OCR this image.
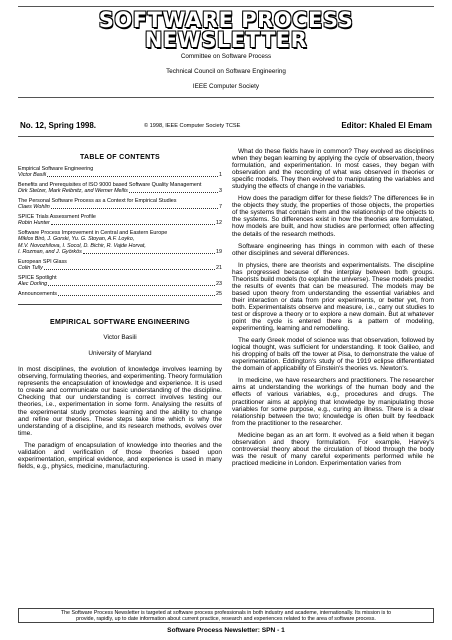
SOFTWARE PROCESS
NEWSLETTER
Committee on Software Process
Technical Council on Software Engineering
IEEE Computer Society
No. 12, Spring 1998.	© 1998, IEEE Computer Society TCSE	Editor: Khaled El Emam
TABLE OF CONTENTS
Empirical Software Engineering
Victor Basili	1
Benefits and Prerequisites of ISO 9000 based Software Quality Management
Dirk Stelzer, Mark Reibnitz, and Werner Mellis	3
The Personal Software Process as a Context for Empirical Studies
Claes Wohlin	7
SPICE Trials Assessment Profile
Robin Hunter	12
Software Process Improvement in Central and Eastern Europe
Miklos Biró, J. Gorski, Yu. G. Stoyan, A.F. Loyko,
M.V. Novozhilova, I. Socol, D. Bichir, R. Vajde Horvat,
I. Rozman, and J. Györkös	19
European SPI Glass
Colin Tully	21
SPICE Spotlight
Alec Dorling	23
Announcements	25
EMPIRICAL SOFTWARE ENGINEERING
Victor Basili
University of Maryland

In most disciplines, the evolution of knowledge involves learning by observing, formulating theories, and experimenting. Theory formulation represents the encapsulation of knowledge and experience. It is used to create and communicate our basic understanding of the discipline. Checking that our understanding is correct involves testing our theories, i.e., experimentation in some form. Analysing the results of the experimental study promotes learning and the ability to change and refine our theories. These steps take time which is why the understanding of a discipline, and its research methods, evolves over time.

The paradigm of encapsulation of knowledge into theories and the validation and verification of those theories based upon experimentation, empirical evidence, and experience is used in many fields, e.g., physics, medicine, manufacturing.

What do these fields have in common? They evolved as disciplines when they began learning by applying the cycle of observation, theory formulation, and experimentation. In most cases, they began with observation and the recording of what was observed in theories or specific models. They then evolved to manipulating the variables and studying the effects of change in the variables.

How does the paradigm differ for these fields? The differences lie in the objects they study, the properties of those objects, the properties of the systems that contain them and the relationship of the objects to the systems. So differences exist in how the theories are formulated, how models are built, and how studies are performed; often affecting the details of the research methods.

Software engineering has things in common with each of these other disciplines and several differences.

In physics, there are theorists and experimentalists. The discipline has progressed because of the interplay between both groups. Theorists build models (to explain the universe). These models predict the results of events that can be measured. The models may be based upon theory from understanding the essential variables and their interaction or data from prior experiments, or better yet, from both. Experimentalists observe and measure, i.e., carry out studies to test or disprove a theory or to explore a new domain. But at whatever point the cycle is entered there is a pattern of modeling, experimenting, learning and remodelling.

The early Greek model of science was that observation, followed by logical thought, was sufficient for understanding. It took Galileo, and his dropping of balls off the tower at Pisa, to demonstrate the value of experimentation. Eddington's study of the 1919 eclipse differentiated the domain of applicability of Einstein's theories vs. Newton's.

In medicine, we have researchers and practitioners. The researcher aims at understanding the workings of the human body and the effects of various variables, e.g., procedures and drugs. The practitioner aims at applying that knowledge by manipulating those variables for some purpose, e.g., curing an illness. There is a clear relationship between the two; knowledge is often built by feedback from the practitioner to the researcher.

Medicine began as an art form. It evolved as a field when it began observation and theory formulation. For example, Harvey's controversial theory about the circulation of blood through the body was the result of many careful experiments performed while he practiced medicine in London. Experimentation varies from

The Software Process Newsletter is targeted at software process professionals in both industry and academe, internationally. Its mission is to
provide, rapidly, up to date information about current practice, research and experiences related to the area of software process.
Software Process Newsletter: SPN - 1
